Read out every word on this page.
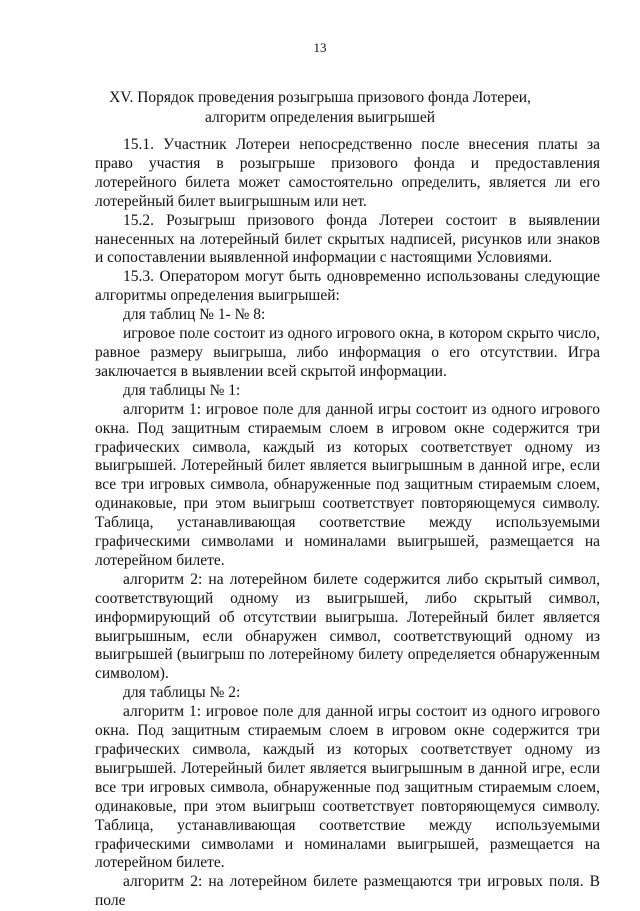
13
XV. Порядок проведения розыгрыша призового фонда Лотереи,
алгоритм определения выигрышей

15.1. Участник Лотереи непосредственно после внесения платы за право участия в розыгрыше призового фонда и предоставления лотерейного билета может самостоятельно определить, является ли его лотерейный билет выигрышным или нет.

15.2. Розыгрыш призового фонда Лотереи состоит в выявлении нанесенных на лотерейный билет скрытых надписей, рисунков или знаков и сопоставлении выявленной информации с настоящими Условиями.

15.3. Оператором могут быть одновременно использованы следующие алгоритмы определения выигрышей:

для таблиц № 1- № 8:

игровое поле состоит из одного игрового окна, в котором скрыто число, равное размеру выигрыша, либо информация о его отсутствии. Игра заключается в выявлении всей скрытой информации.

для таблицы № 1:

алгоритм 1: игровое поле для данной игры состоит из одного игрового окна. Под защитным стираемым слоем в игровом окне содержится три графических символа, каждый из которых соответствует одному из выигрышей. Лотерейный билет является выигрышным в данной игре, если все три игровых символа, обнаруженные под защитным стираемым слоем, одинаковые, при этом выигрыш соответствует повторяющемуся символу. Таблица, устанавливающая соответствие между используемыми графическими символами и номиналами выигрышей, размещается на лотерейном билете.

алгоритм 2: на лотерейном билете содержится либо скрытый символ, соответствующий одному из выигрышей, либо скрытый символ, информирующий об отсутствии выигрыша. Лотерейный билет является выигрышным, если обнаружен символ, соответствующий одному из выигрышей (выигрыш по лотерейному билету определяется обнаруженным символом).

для таблицы № 2:

алгоритм 1: игровое поле для данной игры состоит из одного игрового окна. Под защитным стираемым слоем в игровом окне содержится три графических символа, каждый из которых соответствует одному из выигрышей. Лотерейный билет является выигрышным в данной игре, если все три игровых символа, обнаруженные под защитным стираемым слоем, одинаковые, при этом выигрыш соответствует повторяющемуся символу. Таблица, устанавливающая соответствие между используемыми графическими символами и номиналами выигрышей, размещается на лотерейном билете.

алгоритм 2: на лотерейном билете размещаются три игровых поля. В поле
